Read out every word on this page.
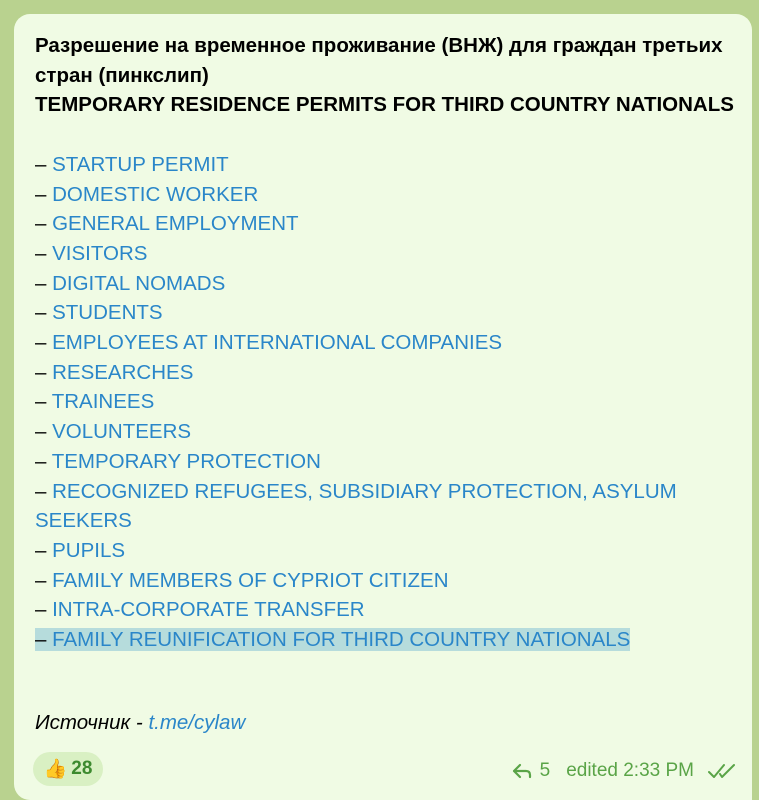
Разрешение на временное проживание (ВНЖ) для граждан третьих стран (пинкслип)
TEMPORARY RESIDENCE PERMITS FOR THIRD COUNTRY NATIONALS

– STARTUP PERMIT
– DOMESTIC WORKER
– GENERAL EMPLOYMENT
– VISITORS
– DIGITAL NOMADS
– STUDENTS
– EMPLOYEES AT INTERNATIONAL COMPANIES
– RESEARCHES
– TRAINEES
– VOLUNTEERS
– TEMPORARY PROTECTION
– RECOGNIZED REFUGEES, SUBSIDIARY PROTECTION, ASYLUM SEEKERS
– PUPILS
– FAMILY MEMBERS OF CYPRIOT CITIZEN
– INTRA-CORPORATE TRANSFER
– FAMILY REUNIFICATION FOR THIRD COUNTRY NATIONALS
Источник - t.me/cylaw
👍 28	5 edited 2:33 PM
